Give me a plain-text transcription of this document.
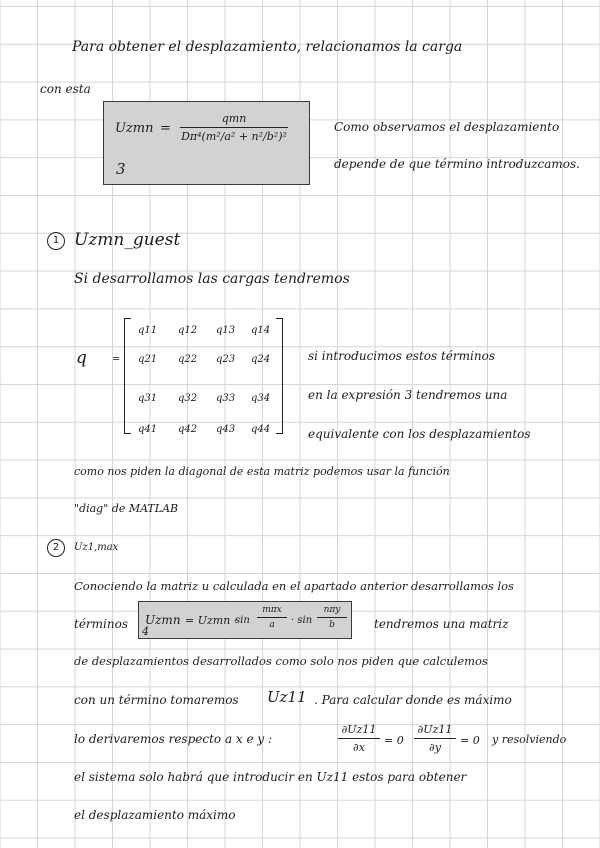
Para obtener el desplazamiento, relacionamos la carga
con esta
Uzmn =
qmn
Dπ⁴(m²/a² + n²/b²)²
3
Como observamos el desplazamiento
depende de que término introduzcamos.
1 Uzmn_guest
Si desarrollamos las cargas tendremos
q	=
q11 q12 q13 q14
q21 q22 q23 q24
q31 q32 q33 q34
q41 q42 q43 q44
si introducimos estos términos
en la expresión 3 tendremos una
equivalente con los desplazamientos
como nos piden la diagonal de esta matriz podemos usar la función
"diag" de MATLAB
2	Uz1,max
Conociendo la matriz u calculada en el apartado anterior desarrollamos los
términos Uzmn = Uzmn ·
sin
mπx
a	· sin
nπy
b
4
tendremos una matriz
de desplazamientos desarrollados como solo nos piden que calculemos
con un término tomaremos Uz11 . Para calcular donde es máximo
lo derivaremos respecto a x e y :
∂Uz11
∂x
= 0
∂Uz11
∂y
= 0 y resolviendo
el sistema solo habrá que introducir en Uz11 estos para obtener
el desplazamiento máximo
